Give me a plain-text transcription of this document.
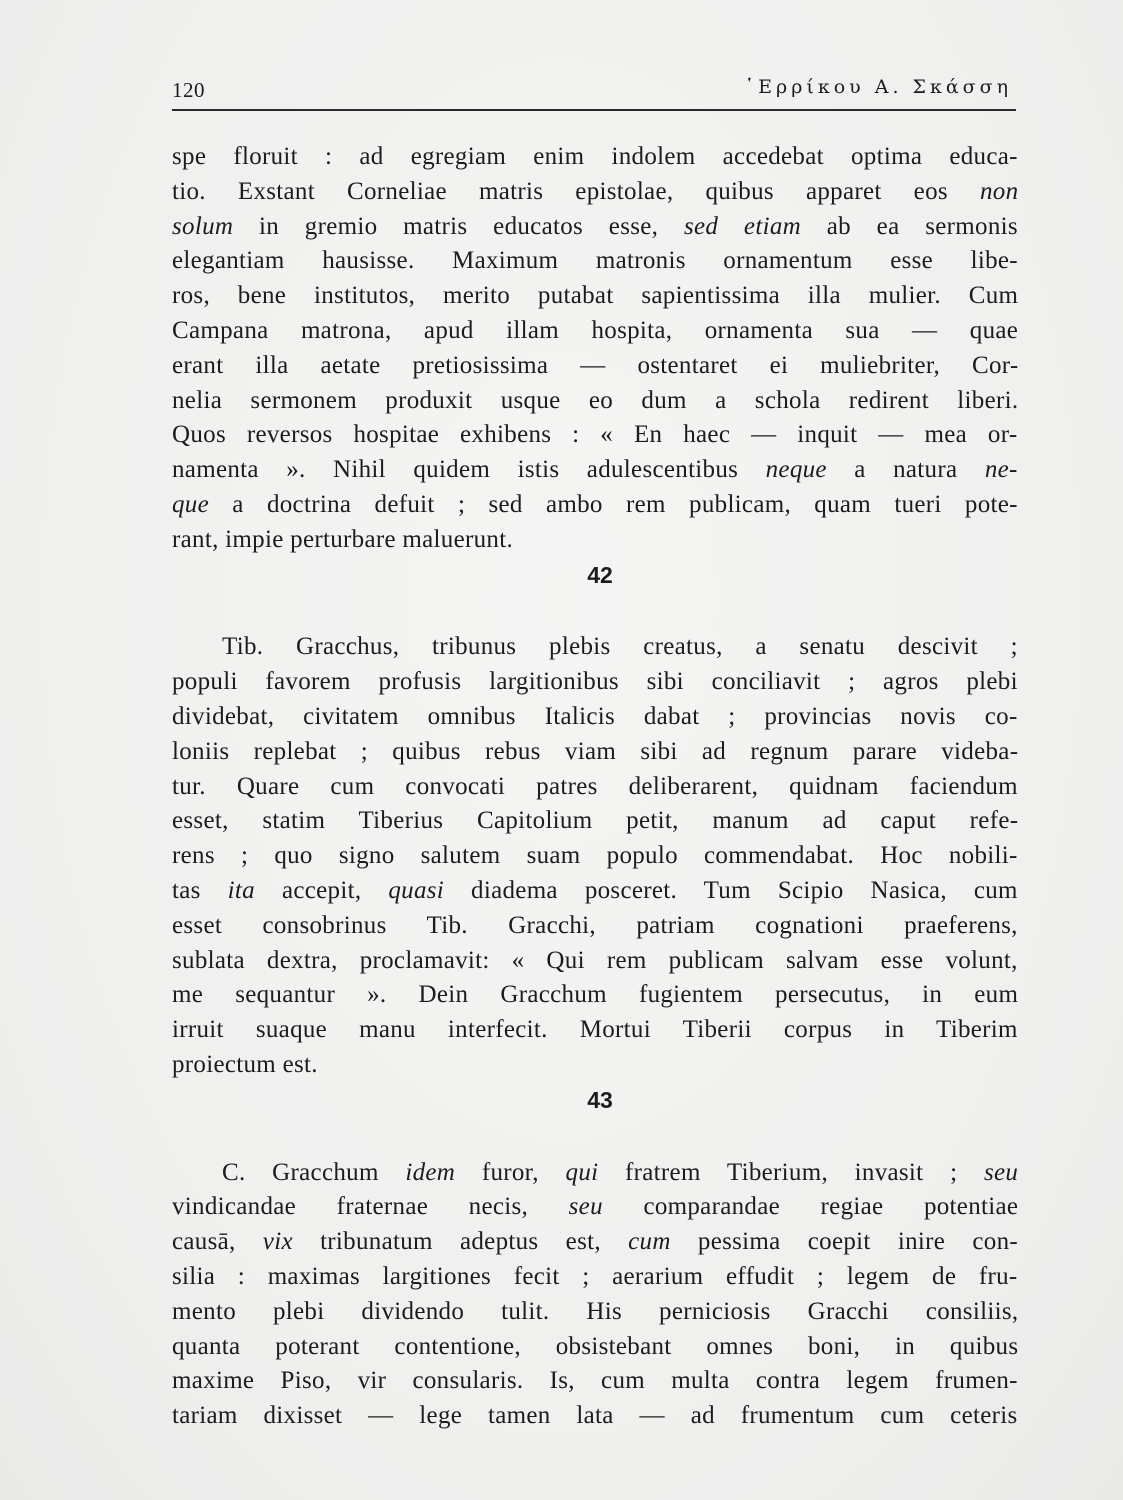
120	῾Ερρίκου Α. Σκάσση
spe floruit : ad egregiam enim indolem accedebat optima educa-
tio. Exstant Corneliae matris epistolae, quibus apparet eos non
solum in gremio matris educatos esse, sed etiam ab ea sermonis
elegantiam hausisse. Maximum matronis ornamentum esse libe-
ros, bene institutos, merito putabat sapientissima illa mulier. Cum
Campana matrona, apud illam hospita, ornamenta sua — quae
erant illa aetate pretiosissima — ostentaret ei muliebriter, Cor-
nelia sermonem produxit usque eo dum a schola redirent liberi.
Quos reversos hospitae exhibens : « En haec — inquit — mea or-
namenta ». Nihil quidem istis adulescentibus neque a natura ne-
que a doctrina defuit ; sed ambo rem publicam, quam tueri pote-
rant, impie perturbare maluerunt.
42
Tib. Gracchus, tribunus plebis creatus, a senatu descivit ;
populi favorem profusis largitionibus sibi conciliavit ; agros plebi
dividebat, civitatem omnibus Italicis dabat ; provincias novis co-
loniis replebat ; quibus rebus viam sibi ad regnum parare videba-
tur. Quare cum convocati patres deliberarent, quidnam faciendum
esset, statim Tiberius Capitolium petit, manum ad caput refe-
rens ; quo signo salutem suam populo commendabat. Hoc nobili-
tas ita accepit, quasi diadema posceret. Tum Scipio Nasica, cum
esset consobrinus Tib. Gracchi, patriam cognationi praeferens,
sublata dextra, proclamavit: « Qui rem publicam salvam esse volunt,
me sequantur ». Dein Gracchum fugientem persecutus, in eum
irruit suaque manu interfecit. Mortui Tiberii corpus in Tiberim
proiectum est.
43
C. Gracchum idem furor, qui fratrem Tiberium, invasit ; seu
vindicandae fraternae necis, seu comparandae regiae potentiae
causā, vix tribunatum adeptus est, cum pessima coepit inire con-
silia : maximas largitiones fecit ; aerarium effudit ; legem de fru-
mento plebi dividendo tulit. His perniciosis Gracchi consiliis,
quanta poterant contentione, obsistebant omnes boni, in quibus
maxime Piso, vir consularis. Is, cum multa contra legem frumen-
tariam dixisset — lege tamen lata — ad frumentum cum ceteris
